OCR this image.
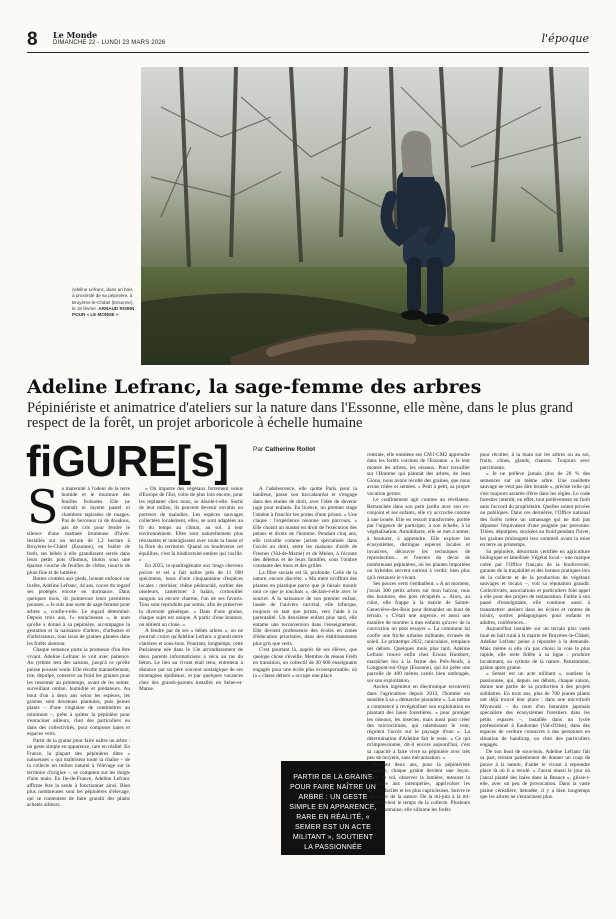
8 Le Monde
DIMANCHE 22 - LUNDI 23 MARS 2026	l'époque
Adeline Lefranc, dans un bois à proximité de sa pépinière, à Bruyères-le-Châtel (Essonne), le 16 février. ARNAUD ROBIN POUR « LE MONDE »
Adeline Lefranc, la sage-femme des arbres

Pépiniériste et animatrice d'ateliers sur la nature dans l'Essonne, elle mène, dans le plus grand respect de la forêt, un projet arboricole à échelle humaine

fiGURE[s]	Par Catherine Rollot
S a maternité à l'odeur de la terre humide et le murmure des feuilles froissées. Elle ne connaît ni layette pastel ni chambres tapissées de nuages. Pas de berceaux ni de doudous, pas de cris pour fendre le silence d'une matinée brumeuse d'hiver. Installés sur un terrain de 1,2 hectare à Bruyères-le-Châtel (Essonne), en lisière de forêt, ses bébés à elle grandissent serrés dans leurs petits pots d'humus, blottis sous une épaisse couche de feuilles de chêne, nourris de pluie fine et de lumière.

Bottes crottées aux pieds, bonnet enfoncé sur la tête, Adeline Lefranc, 44 ans, couve du regard ses protégés encore en dormance. Dans quelques mois, ils pointeront leurs premières pousses. « Je suis une sorte de sage-femme pour arbres », confie-t-elle. Le regard déterminé. Depuis trois ans, l'« enracineuse », le nom qu'elle a donné à sa pépinière, accompagne la gestation et la naissance d'arbres, d'arbustes et d'arbrisseaux, tous issus de graines glanées dans les forêts alentour.

Chaque semence porte la promesse d'un être vivant. Adeline Lefranc le voit avec patience. Au rythme lent des saisons, jusqu'à ce qu'elle puisse pousser seule. Elle récolte manuellement, trie, dépulpe, conserve au froid les graines pour les ressemer au printemps, avant de les semer, surveillant ombre, humidité et prédateurs. Au bout d'un à deux ans selon les espèces, les graines sont devenues plantules, puis jeunes plants – d'une vingtaine de centimètres au minimum –, prêts à quitter la pépinière pour s'enraciner ailleurs, chez des particuliers ou dans des collectivités, pour composer haies et espaces verts.

Partir de la graine pour faire naître un arbre : un geste simple en apparence, rare en réalité. En France, la plupart des pépinières dites « naisseuses » qui maîtrisent toute la chaîne – de la collecte en milieu naturel à l'élevage sur le territoire d'origine –, se comptent sur les doigts d'une main. En Ile-de-France, Adeline Lefranc affirme être la seule à fonctionner ainsi. Bien plus nombreuses sont les pépinières d'élevage, qui se contentent de faire grandir des plants achetés ailleurs.

« On importe des végétaux fortement venus d'Europe de l'Est, voire de plus loin encore, pour les replanter chez nous, se désole-t-elle. Sortis de leur milieu, ils peuvent devenir envahis ou porteurs de maladies. Les espèces sauvages collectées localement, elles, se sont adaptées au fil du temps au climat, au sol, à leur environnement. Elles sont naturellement plus résistantes et interagissent avec toute la faune et la flore du territoire. Quand on bouleverse cet équilibre, c'est la biodiversité entière qui vacille. »

En 2025, la quadragénaire aux longs cheveux poivre et sel a fait naître près de 11 000 spécimens, issus d'une cinquantaine d'espèces locales : merisier, chêne pédonculé, sorbier des oiseleurs, camérisier à balais, cornouiller sanguin ou encore charme, l'un de ses favoris. Tous sont reproduits par semis, afin de préserver la diversité génétique. « Dans d'une graine, chaque sujet est unique. A partir d'une bouture, on obtient un clone. »

A fendre par de ses « bébés arbres », on ne pourrait croire qu'Adeline Lefranc a grandi entre clarières et sous-bois. Pourtant, longtemps, cette Parisienne née dans le 13e arrondissement de deux parents informaticiens a vécu au ras du béton. Le lien au vivant était tenu, entretenu à distance par un père souvent nostalgique de ses montagnes épidiéaux, et par quelques vacances chez des grands-parents installés en Seine-et-Marne.

A l'adolescence, elle quitte Paris pour la banlieue, passe son baccalauréat et s'engage dans des études de droit, avec l'idée de devenir juge pour enfants. En licence, un premier stage l'amène à franchir les portes d'une prison. « Une claque : l'expérience résonne son parcours. » Elle choisit un master en droit de l'exécution des peines et droits de l'homme. Pendant cinq ans, elle travaille comme juriste spécialisée dans l'accès au droit, entre les maisons d'arrêt de Fresnes (Val-de-Marne) et de Melun, à l'écoute des détenus et de leurs familles, sous l'ombre constante des murs et des grilles.

La fibre sociale est là, profonde. Celle de la nature, encore discrète. « Ma mère m'offrait des plantes en plastique parce que je faisais mourir tout ce que je touchais », déclare-t-elle avec le sourire. A la naissance de son premier enfant, lassée de l'univers carcéral, elle bifurque, toujours en tant que juriste, vers l'aide à la parentalité. Un deuxième enfant plus tard, elle entame une reconversion dans l'enseignement. Elle devient professeure des écoles en zones d'éducation prioritaire, dans des établissements plus gris que verts.

C'est pourtant là, auprès de ses élèves, que quelque chose s'éveille. Membre du réseau Freib en transition, un collectif de 30 000 enseignants engagés pour une école plus écoresponsable, où la « classe dehors » occupe une place

PARTIR DE LA GRAINE POUR FAIRE NAÎTRE UN ARBRE : UN GESTE SIMPLE EN APPARENCE, RARE EN RÉALITÉ, « SEMER EST UN ACTE MILITANT », SOUTIENT LA PASSIONNÉE

centrale, elle emmène ses CM1-CM2 apprendre dans les forêts voisines de l'Essonne. « Je leur montre les arbres, les oiseaux. Pour travailler sur l'Homme qui plantait des arbres, de Jean Giono, nous avons récolté des graines, que nous avons triées et semées. » Petit à petit, sa propre vocation germe.

Le confinement agit comme un révélateur. Retranchée dans son petit jardin avec son ex-conjoint et ses enfants, elle s'y accroche comme à une bouée. Elle en ressort transformée, portée par l'urgence de participer, à son échelle, à la végétalisation. Autodidacte, elle se met à semer, à bouturer, à apprendre. Elle explore les écosystèmes, distingue espèces locales et invasives, découvre les techniques de reproduction... et l'envers du décor de nombreuses pépinières, où les plantes importées ou hybrides servent surtout à verdir, bien plus qu'à restaurer le vivant.

Ses pouces verts s'emballent. « A un moment, j'avais 300 petits arbres sur mon balcon, tous des boutures, des pots récupérés ». Alors, au culot, elle frappe à la mairie de Sainte-Geneviève-des-Bois pour demander un bout de terrain. « C'était une urgence, et aussi une manière de montrer à mes enfants qu'avec de la conviction on peut essayer ». La commune lui confie une friche urbaine militante, écrasée de soleil. Le printemps 2022, caniculaire, remplace ses débuts. Quelques mois plus tard, Adeline Lefranc trouve enfin chez Erwan Humbert, maraîcher bio à la ferme des Prés-Neufs, à Longpont-sur-Orge (Essonne), qui lui prête une parcelle de 400 mètres carrés bien ombragée, sur son exploitation.

Ancien ingénieur en électronique reconverti dans l'agriculture depuis 2012, l'homme est sensible à sa « démarche pionnière ». Lui même a commencé à revégétaliser son exploitation en plantant des haies forestières, « pour protéger les oiseaux, les insectes, mais aussi pour créer des microclimats, qui ralentissent le vent, régulent l'accès sur le paysage d'eau ». La détermination d'Adeline fait le reste. « Ce qui m'impressionne, dit-il encore aujourd'hui, c'est sa capacité à faire vivre sa pépinière avec très peu de moyens, sans mécanisation. »

Pendant deux ans, pour la pépiniériste néophyte, chaque graine devient une leçon. Tester le sol, observer la lumière, mesurer la résistance aux intempéries, apprivoiser les espèces faciles et les plus capricieuses. Suivre le calendrier de la nature. De la mi-juin à la mi-octobre vient le temps de la collecte. Plusieurs fois par semaine, elle sillonne les forêts

pour récolter, à la main sur les arbres ou au sol, fruits, cônes, glands, chatons. Toujours avec parcimonie.

« Je ne prélève jamais plus de 20 % des semences sur un même arbre. Une cueillette sauvage ne veut pas dire brutale », précise celle qui s'est toujours assurée d'être dans les règles. Le code forestier interdit, en effet, tout prélèvement en forêt sans l'accord du propriétaire. Quelles soient privées ou publiques. Dans ces dernières, l'Office national des forêts tolère un ramassage qui ne doit pas dépasser l'équivalent d'une poignée par personne. Triées, dépulpées, stockées au froid pendant l'hiver, les graines prolongent leur sommeil avant la mise en terre au printemps.

Sa pépinière, désormais certifiée en agriculture biologique et labellisée Végétal local – une marque créée par l'Office français de la biodiversité, garante de la traçabilité et des bonnes pratiques lors de la collecte et de la production de végétaux sauvages et locaux –, voit sa réputation grandir. Collectivités, associations et particuliers font appel à elle pour des projets de restauration. Faible à son passé d'enseignante, elle continue aussi à transmettre: ateliers dans les écoles et centres de loisirs, sorties pédagogiques pour enfants et adultes, conférences...

Aujourd'hui installée sur un terrain plus vaste loué en bail rural à la mairie de Bruyères-le-Châtel, Adeline Lefranc peine à répondre à la demande. Mais même si elle n'a pas choisi la voie la plus rapide, elle reste fidèle à sa ligne : produire localement, au rythme de la nature. Patiemment, graine après graine.

« Semer est un acte militant », soutient la passionnée, qui, depuis ses débuts, chaque saison, donne une partie de sa production à des projets solidaires. En trois ans, plus de 700 jeunes plants ont déjà trouvé leur place : dans une microforêt Miyawaki – du nom d'un botaniste japonais spécialiste des écosystèmes forestiers dans les petits espaces –, installée dans un lycée professionnel à Eaubonne (Val-d'Oise), dans des espaces de verdure consacrés à des personnes en situation de handicap, ou chez des particuliers engagés.

De son bout de sous-bois, Adeline Lefranc fait sa part, tentant patiemment de donner un coup de pouce à la nature, d'aider le vivant à reprendre place là où il a reculé. « J'aurai réussi le jour où j'aurai planté des haies dans la Beauce », glisse-t-elle, avec un peu de provocation. Dans la vaste plaine céréalière, dénudée, il y a bien longtemps que les arbres ne s'enracinent plus.
